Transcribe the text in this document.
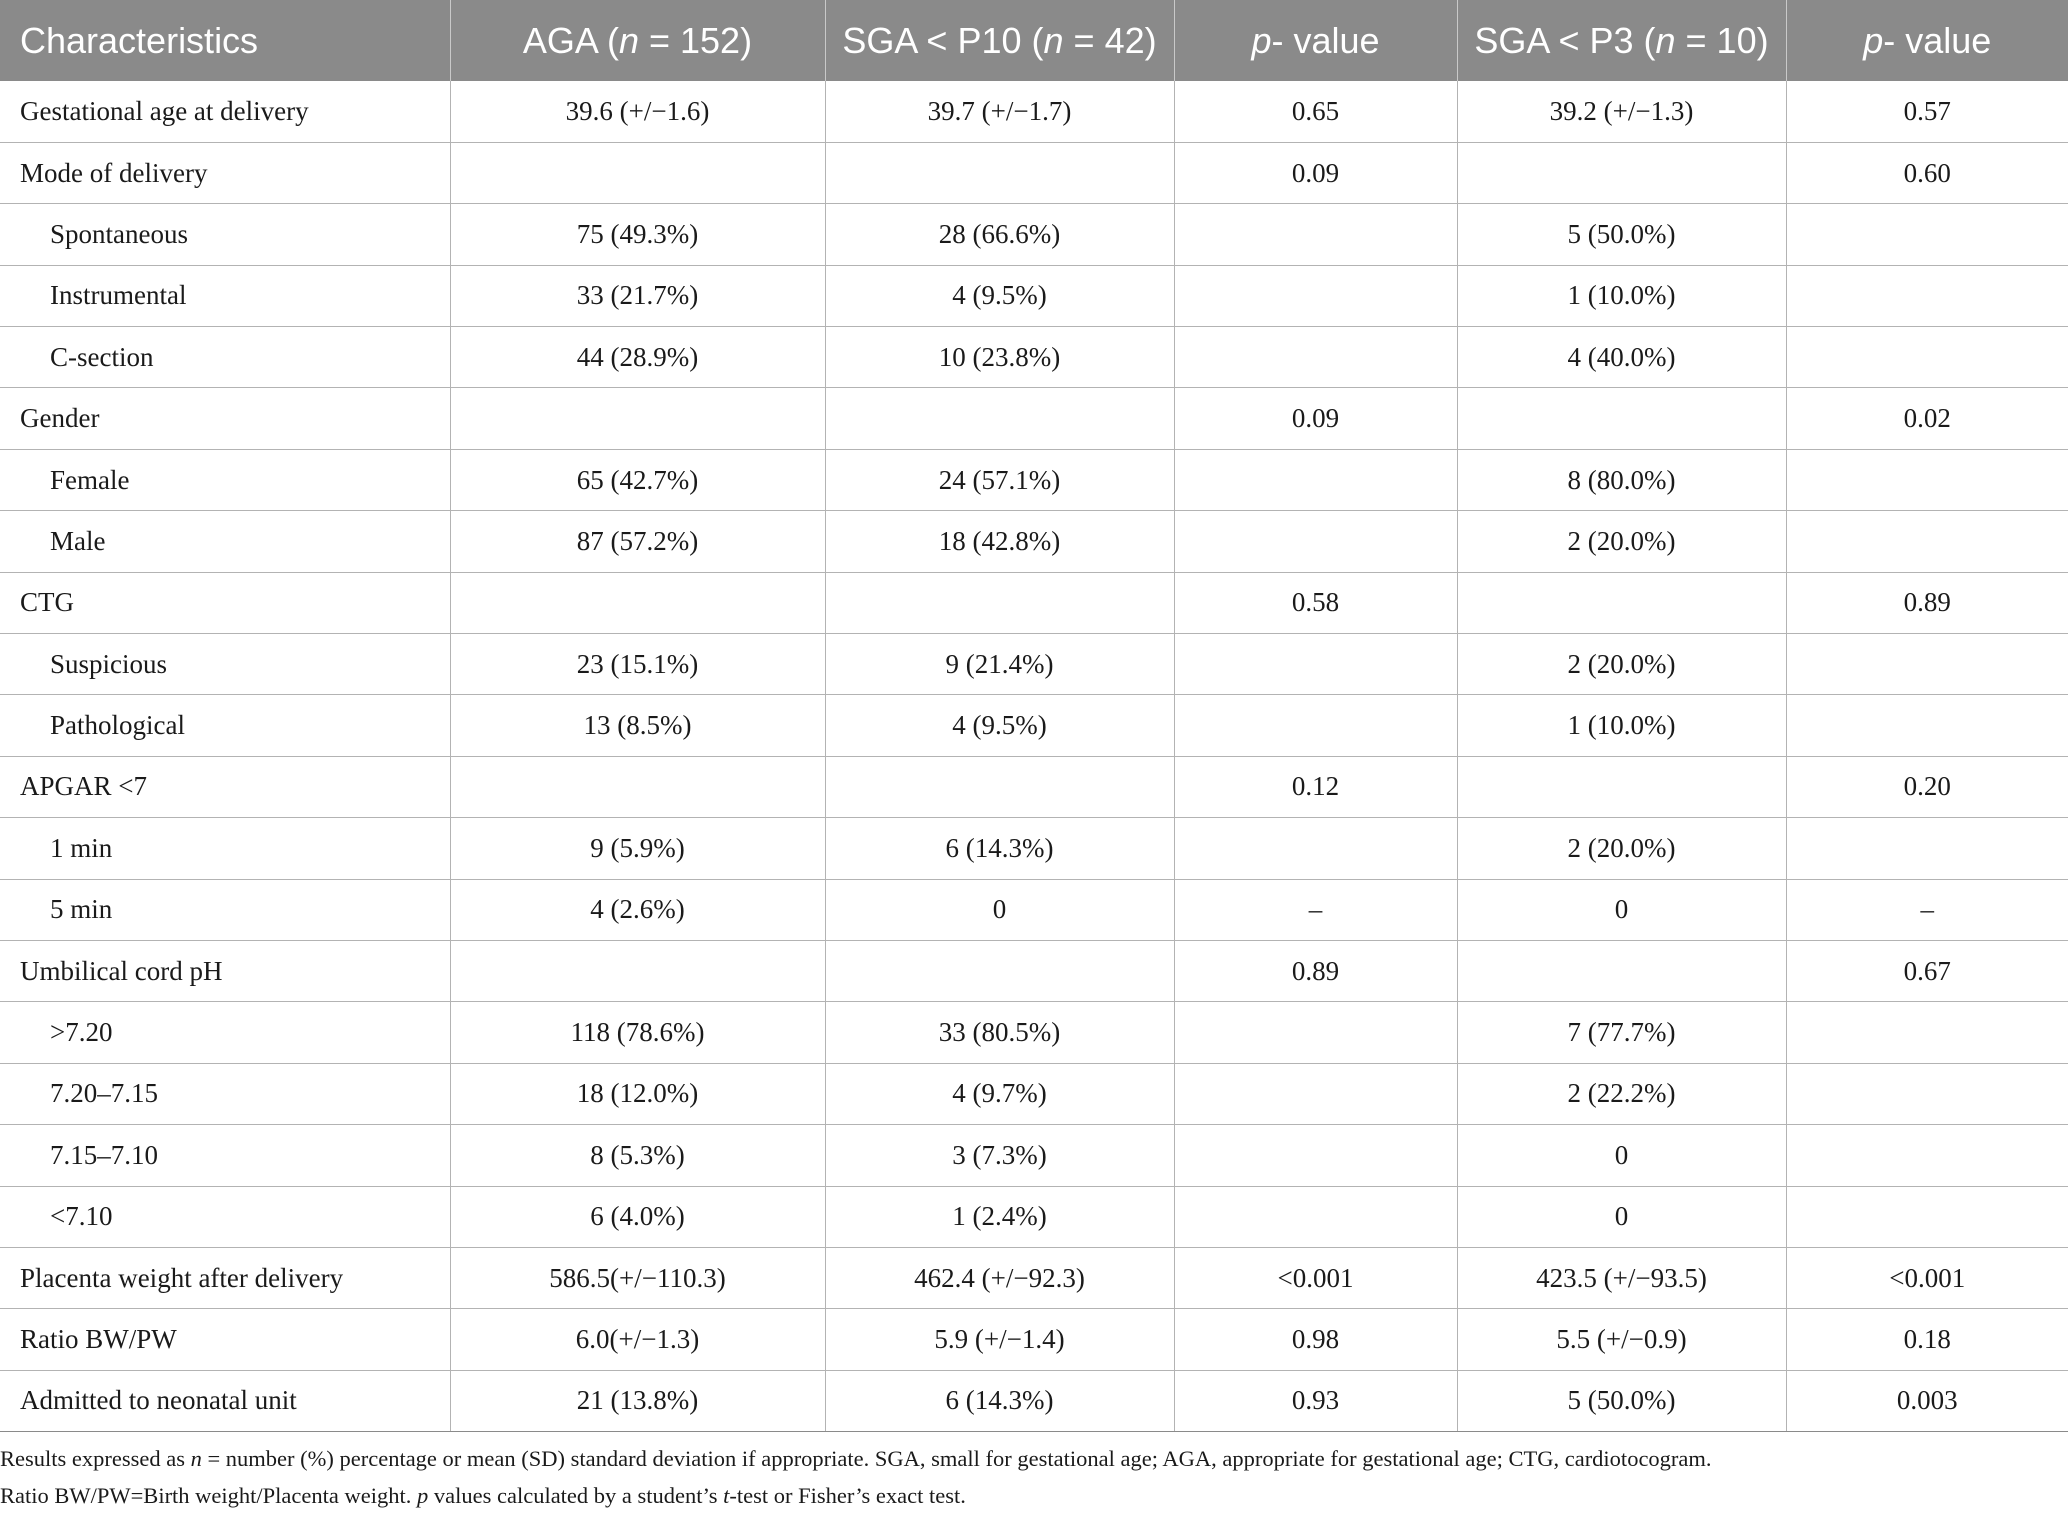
Characteristics	AGA (n = 152)	SGA < P10 (n = 42)	p- value	SGA < P3 (n = 10)	p- value
Gestational age at delivery	39.6 (+/−1.6)	39.7 (+/−1.7)	0.65	39.2 (+/−1.3)	0.57
Mode of delivery			0.09		0.60
Spontaneous	75 (49.3%)	28 (66.6%)		5 (50.0%)	
Instrumental	33 (21.7%)	4 (9.5%)		1 (10.0%)	
C-section	44 (28.9%)	10 (23.8%)		4 (40.0%)	
Gender			0.09		0.02
Female	65 (42.7%)	24 (57.1%)		8 (80.0%)	
Male	87 (57.2%)	18 (42.8%)		2 (20.0%)	
CTG			0.58		0.89
Suspicious	23 (15.1%)	9 (21.4%)		2 (20.0%)	
Pathological	13 (8.5%)	4 (9.5%)		1 (10.0%)	
APGAR <7			0.12		0.20
1 min	9 (5.9%)	6 (14.3%)		2 (20.0%)	
5 min	4 (2.6%)	0	–	0	–
Umbilical cord pH			0.89		0.67
>7.20	118 (78.6%)	33 (80.5%)		7 (77.7%)	
7.20–7.15	18 (12.0%)	4 (9.7%)		2 (22.2%)	
7.15–7.10	8 (5.3%)	3 (7.3%)		0	
<7.10	6 (4.0%)	1 (2.4%)		0	
Placenta weight after delivery	586.5(+/−110.3)	462.4 (+/−92.3)	<0.001	423.5 (+/−93.5)	<0.001
Ratio BW/PW	6.0(+/−1.3)	5.9 (+/−1.4)	0.98	5.5 (+/−0.9)	0.18
Admitted to neonatal unit	21 (13.8%)	6 (14.3%)	0.93	5 (50.0%)	0.003
Results expressed as n = number (%) percentage or mean (SD) standard deviation if appropriate. SGA, small for gestational age; AGA, appropriate for gestational age; CTG, cardiotocogram.
Ratio BW/PW=Birth weight/Placenta weight. p values calculated by a student’s t-test or Fisher’s exact test.
